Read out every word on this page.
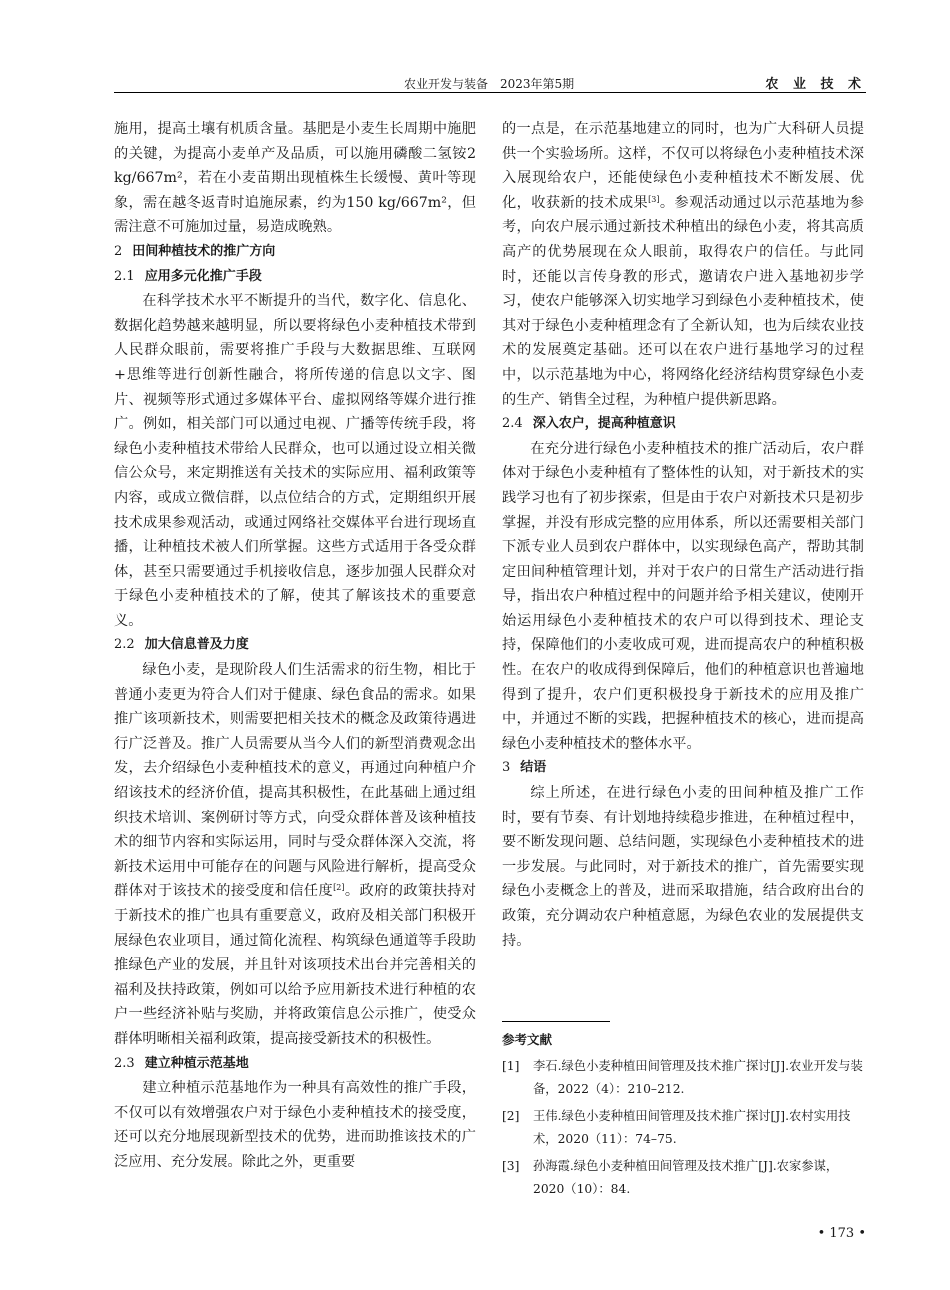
农业开发与装备　2023年第5期	农 业 技 术

施用，提高土壤有机质含量。基肥是小麦生长周期中施肥的关键，为提高小麦单产及品质，可以施用磷酸二氢铵2 kg/667m²，若在小麦苗期出现植株生长缓慢、黄叶等现象，需在越冬返青时追施尿素，约为150 kg/667m²，但需注意不可施加过量，易造成晚熟。

2 田间种植技术的推广方向
2.1 应用多元化推广手段

在科学技术水平不断提升的当代，数字化、信息化、数据化趋势越来越明显，所以要将绿色小麦种植技术带到人民群众眼前，需要将推广手段与大数据思维、互联网+思维等进行创新性融合，将所传递的信息以文字、图片、视频等形式通过多媒体平台、虚拟网络等媒介进行推广。例如，相关部门可以通过电视、广播等传统手段，将绿色小麦种植技术带给人民群众，也可以通过设立相关微信公众号，来定期推送有关技术的实际应用、福利政策等内容，或成立微信群，以点位结合的方式，定期组织开展技术成果参观活动，或通过网络社交媒体平台进行现场直播，让种植技术被人们所掌握。这些方式适用于各受众群体，甚至只需要通过手机接收信息，逐步加强人民群众对于绿色小麦种植技术的了解，使其了解该技术的重要意义。

2.2 加大信息普及力度

绿色小麦，是现阶段人们生活需求的衍生物，相比于普通小麦更为符合人们对于健康、绿色食品的需求。如果推广该项新技术，则需要把相关技术的概念及政策待遇进行广泛普及。推广人员需要从当今人们的新型消费观念出发，去介绍绿色小麦种植技术的意义，再通过向种植户介绍该技术的经济价值，提高其积极性，在此基础上通过组织技术培训、案例研讨等方式，向受众群体普及该种植技术的细节内容和实际运用，同时与受众群体深入交流，将新技术运用中可能存在的问题与风险进行解析，提高受众群体对于该技术的接受度和信任度[2]。政府的政策扶持对于新技术的推广也具有重要意义，政府及相关部门积极开展绿色农业项目，通过简化流程、构筑绿色通道等手段助推绿色产业的发展，并且针对该项技术出台并完善相关的福利及扶持政策，例如可以给予应用新技术进行种植的农户一些经济补贴与奖励，并将政策信息公示推广，使受众群体明晰相关福利政策，提高接受新技术的积极性。

2.3 建立种植示范基地

建立种植示范基地作为一种具有高效性的推广手段，不仅可以有效增强农户对于绿色小麦种植技术的接受度，还可以充分地展现新型技术的优势，进而助推该技术的广泛应用、充分发展。除此之外，更重要

的一点是，在示范基地建立的同时，也为广大科研人员提供一个实验场所。这样，不仅可以将绿色小麦种植技术深入展现给农户，还能使绿色小麦种植技术不断发展、优化，收获新的技术成果[3]。参观活动通过以示范基地为参考，向农户展示通过新技术种植出的绿色小麦，将其高质高产的优势展现在众人眼前，取得农户的信任。与此同时，还能以言传身教的形式，邀请农户进入基地初步学习，使农户能够深入切实地学习到绿色小麦种植技术，使其对于绿色小麦种植理念有了全新认知，也为后续农业技术的发展奠定基础。还可以在农户进行基地学习的过程中，以示范基地为中心，将网络化经济结构贯穿绿色小麦的生产、销售全过程，为种植户提供新思路。

2.4 深入农户，提高种植意识

在充分进行绿色小麦种植技术的推广活动后，农户群体对于绿色小麦种植有了整体性的认知，对于新技术的实践学习也有了初步探索，但是由于农户对新技术只是初步掌握，并没有形成完整的应用体系，所以还需要相关部门下派专业人员到农户群体中，以实现绿色高产，帮助其制定田间种植管理计划，并对于农户的日常生产活动进行指导，指出农户种植过程中的问题并给予相关建议，使刚开始运用绿色小麦种植技术的农户可以得到技术、理论支持，保障他们的小麦收成可观，进而提高农户的种植积极性。在农户的收成得到保障后，他们的种植意识也普遍地得到了提升，农户们更积极投身于新技术的应用及推广中，并通过不断的实践，把握种植技术的核心，进而提高绿色小麦种植技术的整体水平。

3 结语

综上所述，在进行绿色小麦的田间种植及推广工作时，要有节奏、有计划地持续稳步推进，在种植过程中，要不断发现问题、总结问题，实现绿色小麦种植技术的进一步发展。与此同时，对于新技术的推广，首先需要实现绿色小麦概念上的普及，进而采取措施，结合政府出台的政策，充分调动农户种植意愿，为绿色农业的发展提供支持。

参考文献
[1] 李石.绿色小麦种植田间管理及技术推广探讨[J].农业开发与装备，2022（4）：210–212.
[2] 王伟.绿色小麦种植田间管理及技术推广探讨[J].农村实用技术，2020（11）：74–75.
[3] 孙海霞.绿色小麦种植田间管理及技术推广[J].农家参谋，2020（10）：84.
• 173 •
